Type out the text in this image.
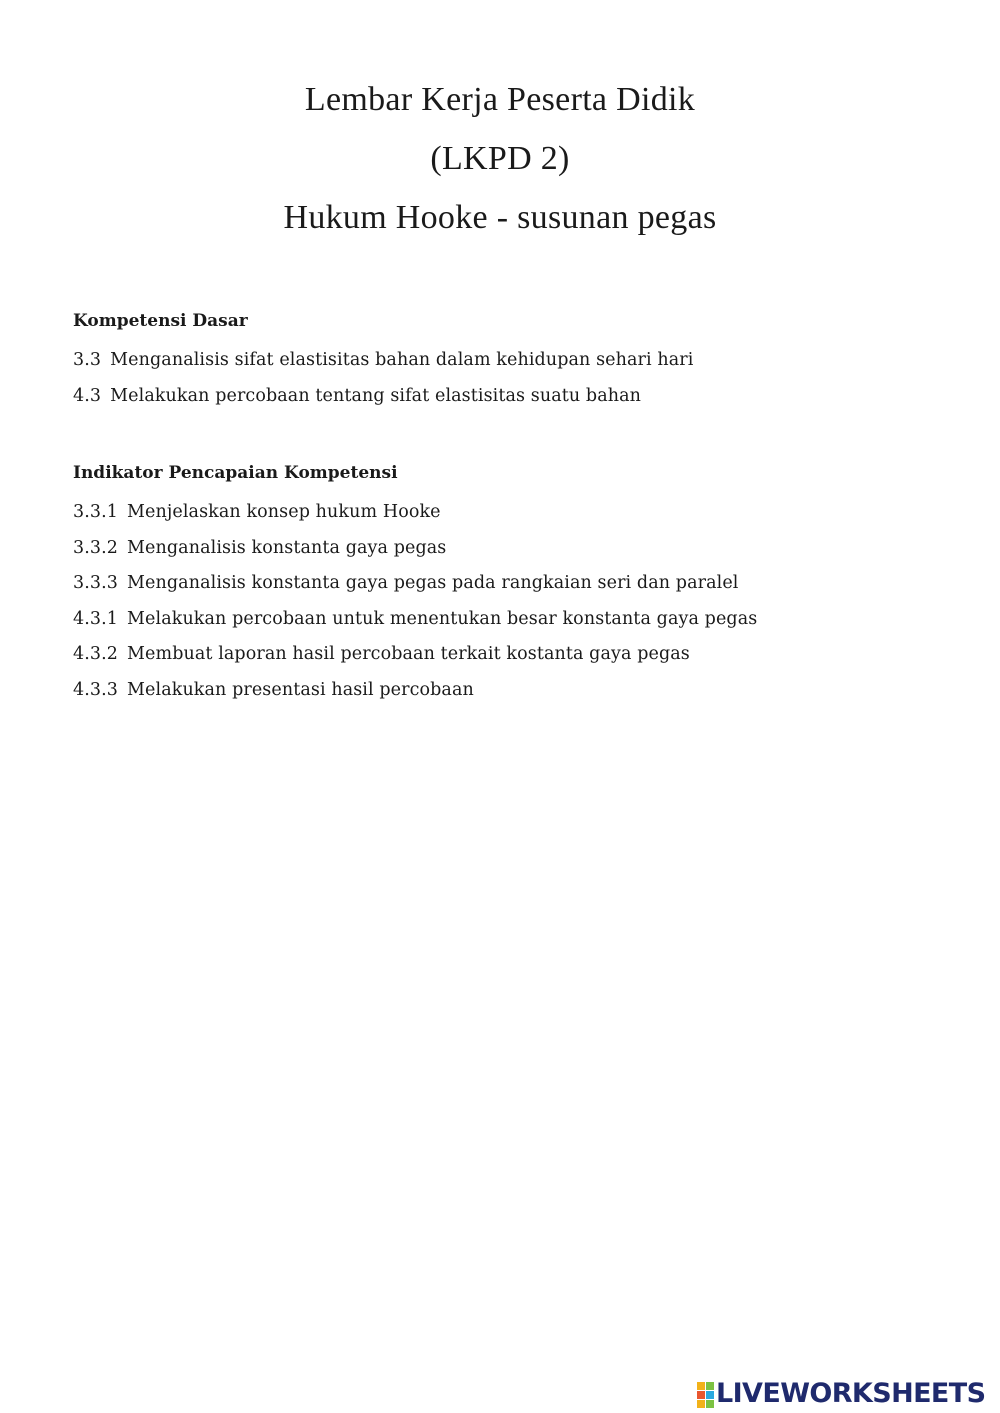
Lembar Kerja Peserta Didik
(LKPD 2)
Hukum Hooke - susunan pegas
Kompetensi Dasar
3.3 Menganalisis sifat elastisitas bahan dalam kehidupan sehari hari
4.3 Melakukan percobaan tentang sifat elastisitas suatu bahan
Indikator Pencapaian Kompetensi
3.3.1 Menjelaskan konsep hukum Hooke
3.3.2 Menganalisis konstanta gaya pegas
3.3.3 Menganalisis konstanta gaya pegas pada rangkaian seri dan paralel
4.3.1 Melakukan percobaan untuk menentukan besar konstanta gaya pegas
4.3.2 Membuat laporan hasil percobaan terkait kostanta gaya pegas
4.3.3 Melakukan presentasi hasil percobaan
LIVEWORKSHEETS
